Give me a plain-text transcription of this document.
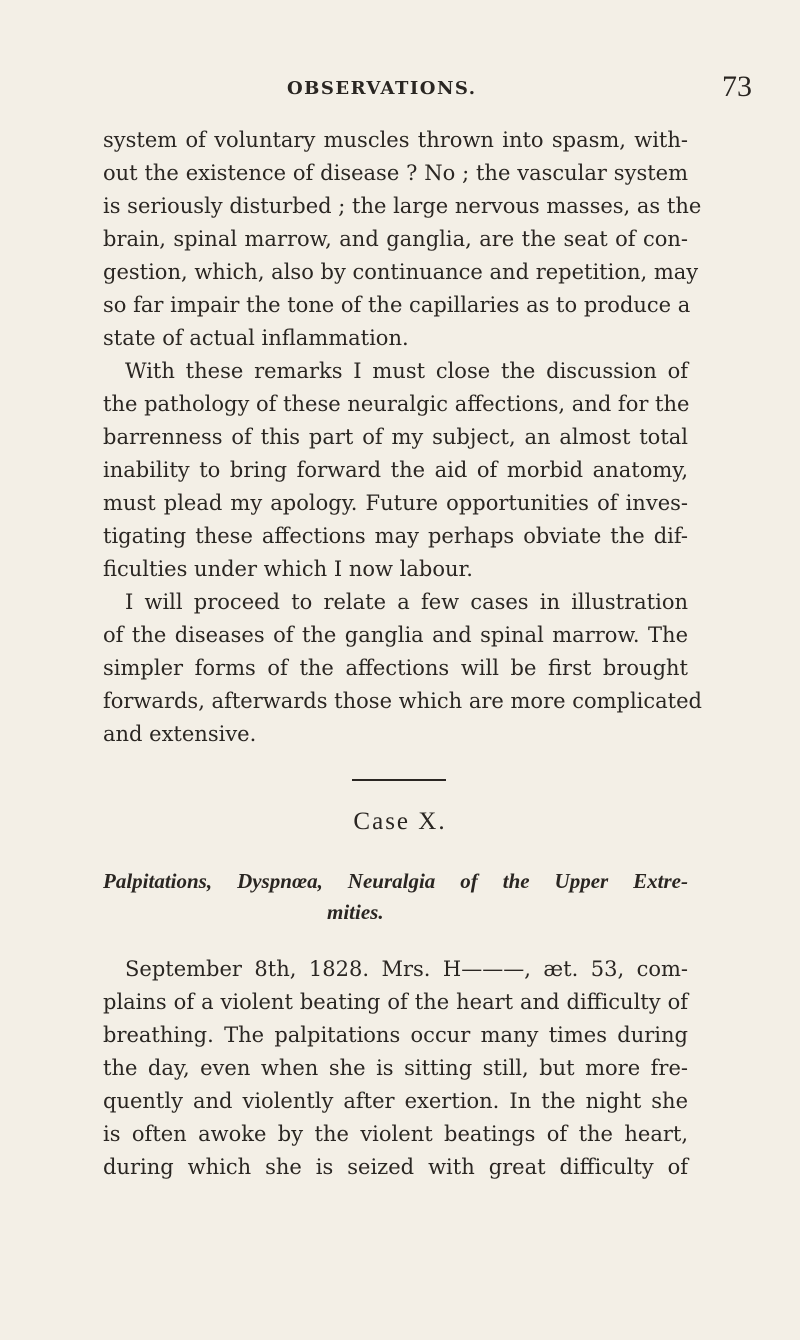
OBSERVATIONS.	73
system of voluntary muscles thrown into spasm, with-
out the existence of disease ? No ; the vascular system
is seriously disturbed ; the large nervous masses, as the
brain, spinal marrow, and ganglia, are the seat of con-
gestion, which, also by continuance and repetition, may
so far impair the tone of the capillaries as to produce a
state of actual inflammation.
With these remarks I must close the discussion of
the pathology of these neuralgic affections, and for the
barrenness of this part of my subject, an almost total
inability to bring forward the aid of morbid anatomy,
must plead my apology. Future opportunities of inves-
tigating these affections may perhaps obviate the dif-
ficulties under which I now labour.
I will proceed to relate a few cases in illustration
of the diseases of the ganglia and spinal marrow. The
simpler forms of the affections will be first brought
forwards, afterwards those which are more complicated
and extensive.
Case X.
Palpitations, Dyspnœa, Neuralgia of the Upper Extre-
mities.
September 8th, 1828. Mrs. H———, æt. 53, com-
plains of a violent beating of the heart and difficulty of
breathing. The palpitations occur many times during
the day, even when she is sitting still, but more fre-
quently and violently after exertion. In the night she
is often awoke by the violent beatings of the heart,
during which she is seized with great difficulty of
